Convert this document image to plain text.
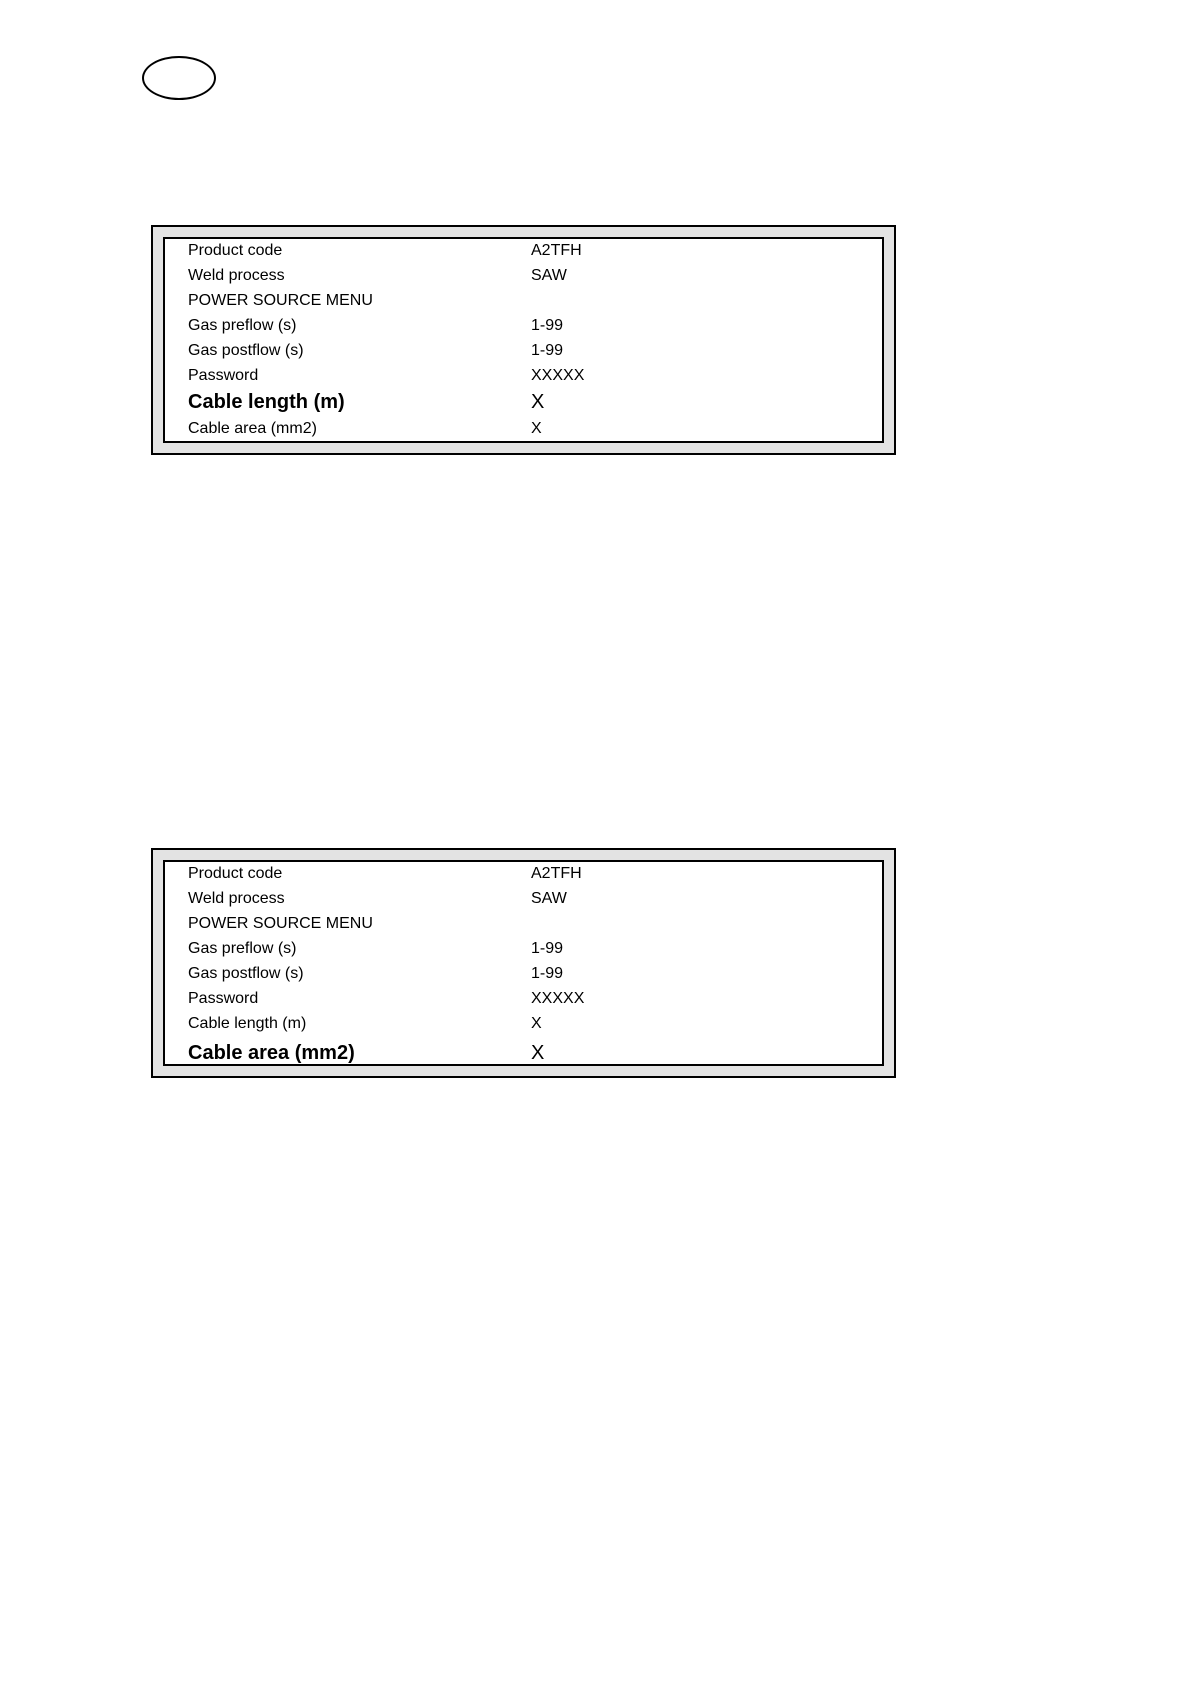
Product code	A2TFH
Weld process	SAW
POWER SOURCE MENU
Gas preflow (s)	1-99
Gas postflow (s)	1-99
Password	XXXXX
Cable length (m)	X
Cable area (mm2)	X
Product code	A2TFH
Weld process	SAW
POWER SOURCE MENU
Gas preflow (s)	1-99
Gas postflow (s)	1-99
Password	XXXXX
Cable length (m)	X
Cable area (mm2)	X
